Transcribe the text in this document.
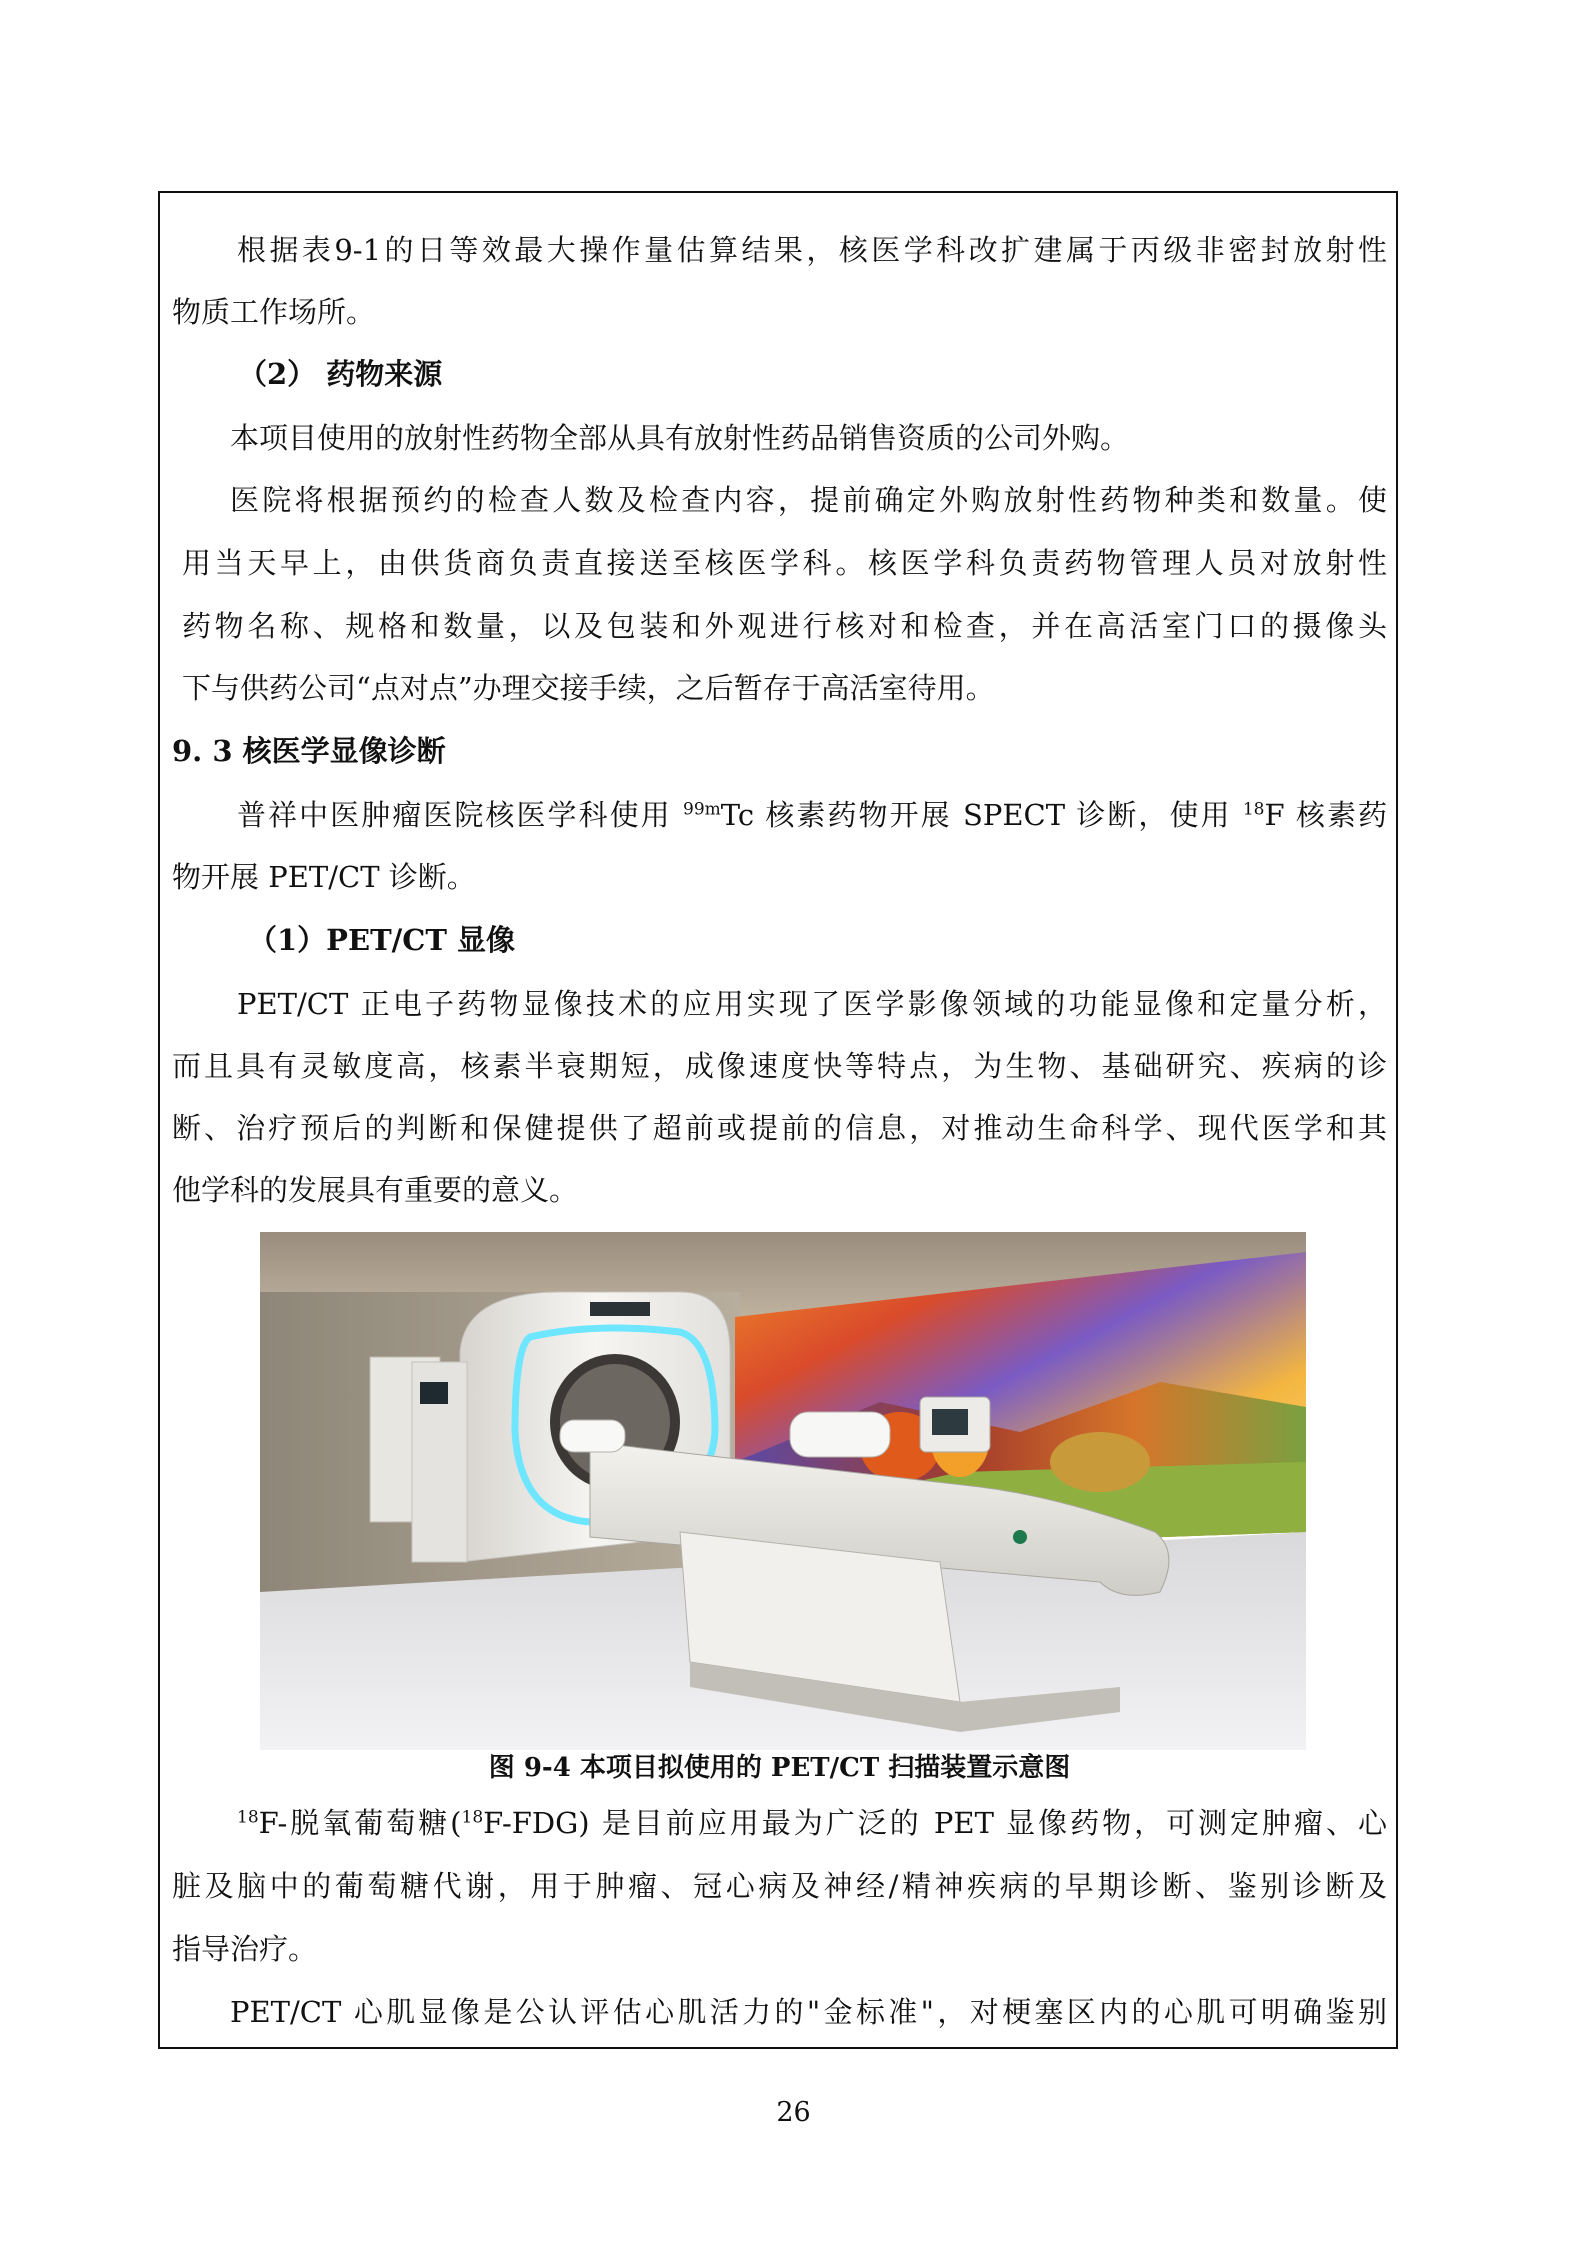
根据表9-1的日等效最大操作量估算结果，核医学科改扩建属于丙级非密封放射性
物质工作场所。
（2） 药物来源
本项目使用的放射性药物全部从具有放射性药品销售资质的公司外购。
医院将根据预约的检查人数及检查内容，提前确定外购放射性药物种类和数量。使
用当天早上，由供货商负责直接送至核医学科。核医学科负责药物管理人员对放射性
药物名称、规格和数量，以及包装和外观进行核对和检查，并在高活室门口的摄像头
下与供药公司“点对点”办理交接手续，之后暂存于高活室待用。
9. 3 核医学显像诊断
普祥中医肿瘤医院核医学科使用 $^{99m}$Tc 核素药物开展 SPECT 诊断，使用 $^{18}$F 核素药
物开展 PET/CT 诊断。
（1）PET/CT 显像
PET/CT 正电子药物显像技术的应用实现了医学影像领域的功能显像和定量分析，
而且具有灵敏度高，核素半衰期短，成像速度快等特点，为生物、基础研究、疾病的诊
断、治疗预后的判断和保健提供了超前或提前的信息，对推动生命科学、现代医学和其
他学科的发展具有重要的意义。
图 9-4 本项目拟使用的 PET/CT 扫描装置示意图
$^{18}$F-脱氧葡萄糖($^{18}$F-FDG) 是目前应用最为广泛的 PET 显像药物，可测定肿瘤、心
脏及脑中的葡萄糖代谢，用于肿瘤、冠心病及神经/精神疾病的早期诊断、鉴别诊断及
指导治疗。
PET/CT 心肌显像是公认评估心肌活力的"金标准"，对梗塞区内的心肌可明确鉴别
26
